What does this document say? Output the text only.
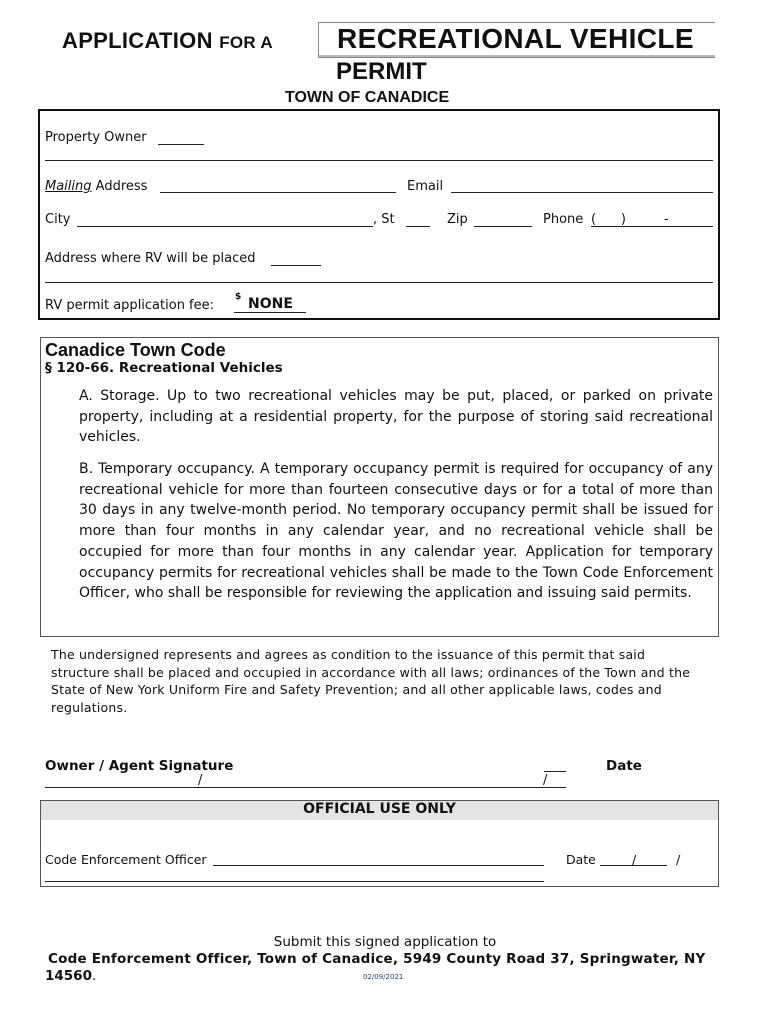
APPLICATION FOR A RECREATIONAL VEHICLE
PERMIT
TOWN OF CANADICE
Property Owner
Mailing Address	Email
City	, St	Zip	Phone (      )	-
Address where RV will be placed
RV permit application fee:
$ NONE
Canadice Town Code
§ 120-66. Recreational Vehicles
A. Storage. Up to two recreational vehicles may be put, placed, or parked on private property, including at a residential property, for the purpose of storing said recreational vehicles.
B. Temporary occupancy. A temporary occupancy permit is required for occupancy of any recreational vehicle for more than fourteen consecutive days or for a total of more than 30 days in any twelve-month period. No temporary occupancy permit shall be issued for more than four months in any calendar year, and no recreational vehicle shall be occupied for more than four months in any calendar year. Application for temporary occupancy permits for recreational vehicles shall be made to the Town Code Enforcement Officer, who shall be responsible for reviewing the application and issuing said permits.
The undersigned represents and agrees as condition to the issuance of this permit that said structure shall be placed and occupied in accordance with all laws; ordinances of the Town and the State of New York Uniform Fire and Safety Prevention; and all other applicable laws, codes and regulations.
Owner / Agent Signature	Date
/	/
OFFICIAL USE ONLY
Code Enforcement Officer	Date	/          /
Submit this signed application to
Code Enforcement Officer, Town of Canadice, 5949 County Road 37, Springwater, NY
14560.	02/09/2021
